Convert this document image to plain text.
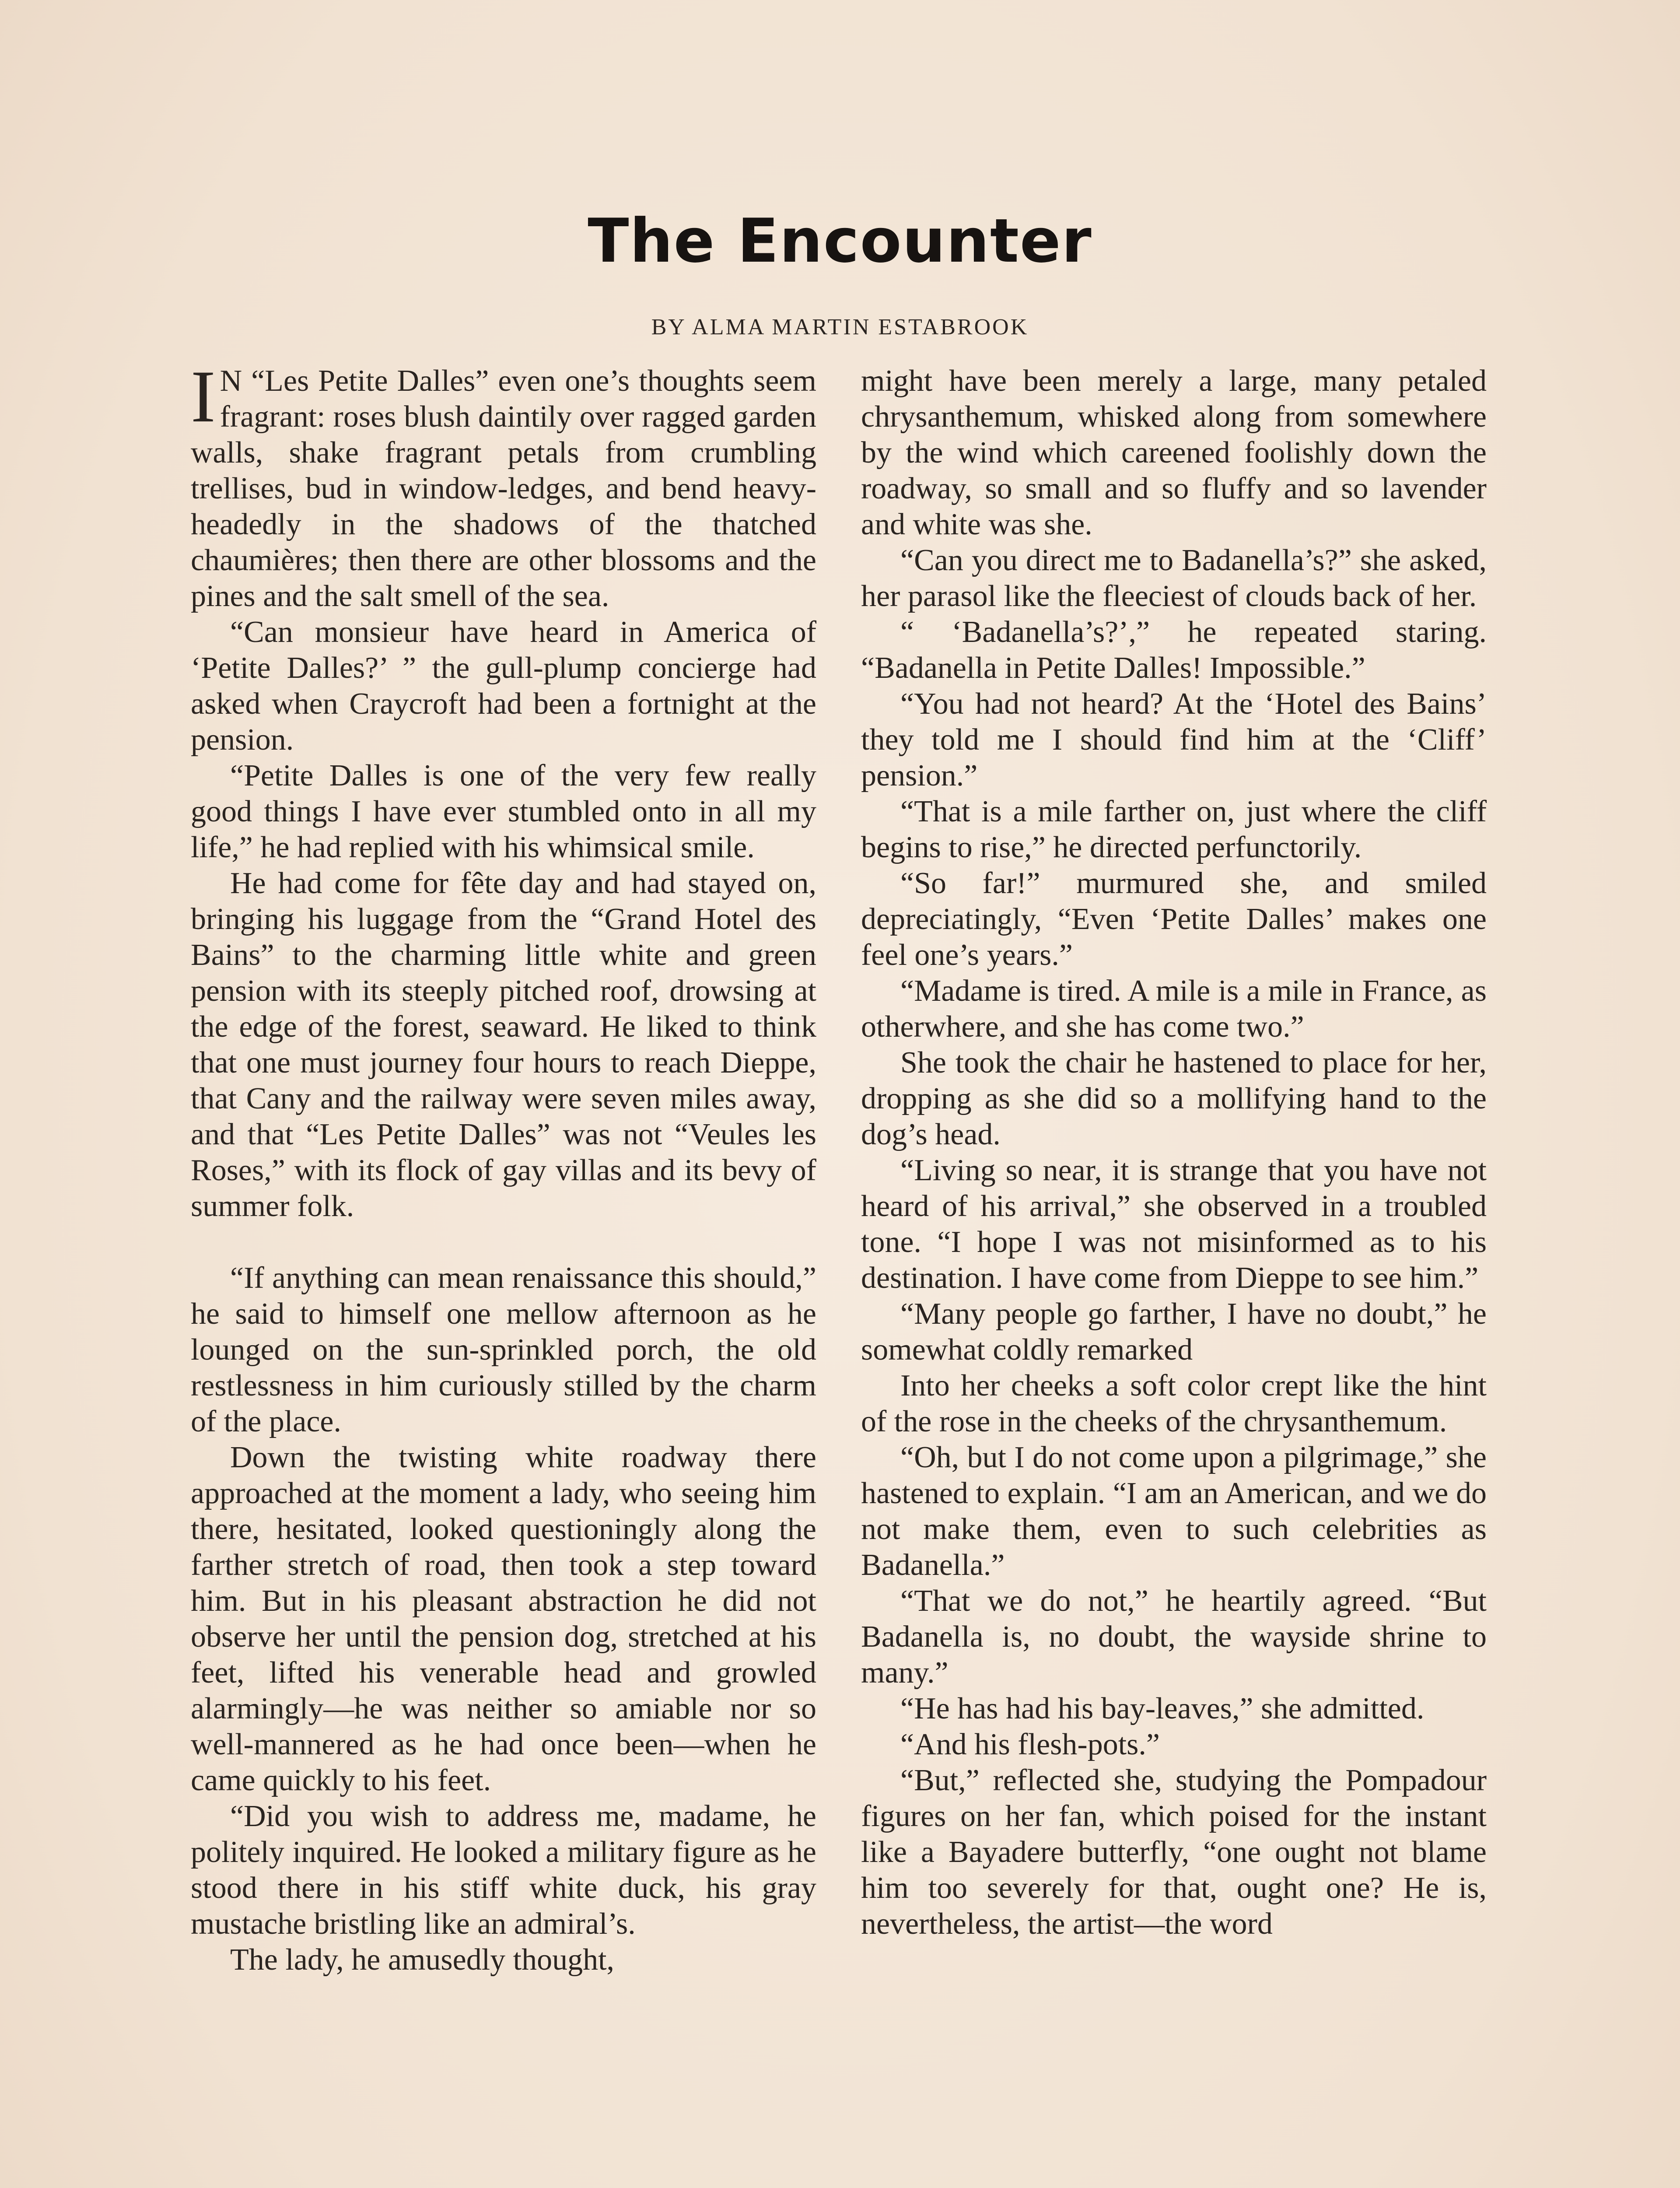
The Encounter
BY ALMA MARTIN ESTABROOK

I N “Les Petite Dalles” even one’s thoughts seem fragrant: roses blush daintily over ragged garden walls, shake fragrant petals from crumbling trellises, bud in window-ledges, and bend heavy-headedly in the shadows of the thatched chaumières; then there are other blossoms and the pines and the salt smell of the sea.

“Can monsieur have heard in America of ‘Petite Dalles?’ ” the gull-plump concierge had asked when Craycroft had been a fortnight at the pension.

“Petite Dalles is one of the very few really good things I have ever stumbled onto in all my life,” he had replied with his whimsical smile.

He had come for fête day and had stayed on, bringing his luggage from the “Grand Hotel des Bains” to the charming little white and green pension with its steeply pitched roof, drowsing at the edge of the forest, seaward. He liked to think that one must journey four hours to reach Dieppe, that Cany and the railway were seven miles away, and that “Les Petite Dalles” was not “Veules les Roses,” with its flock of gay villas and its bevy of summer folk.

“If anything can mean renaissance this should,” he said to himself one mellow afternoon as he lounged on the sun-sprinkled porch, the old restlessness in him curiously stilled by the charm of the place.

Down the twisting white roadway there approached at the moment a lady, who seeing him there, hesitated, looked questioningly along the farther stretch of road, then took a step toward him. But in his pleasant abstraction he did not observe her until the pension dog, stretched at his feet, lifted his venerable head and growled alarmingly—he was neither so amiable nor so well-mannered as he had once been—when he came quickly to his feet.

“Did you wish to address me, madame, he politely inquired. He looked a military figure as he stood there in his stiff white duck, his gray mustache bristling like an admiral’s.

The lady, he amusedly thought,

might have been merely a large, many petaled chrysanthemum, whisked along from somewhere by the wind which careened foolishly down the roadway, so small and so fluffy and so lavender and white was she.

“Can you direct me to Badanella’s?” she asked, her parasol like the fleeciest of clouds back of her.

“ ‘Badanella’s?’,” he repeated staring. “Badanella in Petite Dalles! Impossible.”

“You had not heard? At the ‘Hotel des Bains’ they told me I should find him at the ‘Cliff’ pension.”

“That is a mile farther on, just where the cliff begins to rise,” he directed perfunctorily.

“So far!” murmured she, and smiled depreciatingly, “Even ‘Petite Dalles’ makes one feel one’s years.”

“Madame is tired. A mile is a mile in France, as otherwhere, and she has come two.”

She took the chair he hastened to place for her, dropping as she did so a mollifying hand to the dog’s head.

“Living so near, it is strange that you have not heard of his arrival,” she observed in a troubled tone. “I hope I was not misinformed as to his destination. I have come from Dieppe to see him.”

“Many people go farther, I have no doubt,” he somewhat coldly remarked

Into her cheeks a soft color crept like the hint of the rose in the cheeks of the chrysanthemum.

“Oh, but I do not come upon a pilgrimage,” she hastened to explain. “I am an American, and we do not make them, even to such celebrities as Badanella.”

“That we do not,” he heartily agreed. “But Badanella is, no doubt, the wayside shrine to many.”

“He has had his bay-leaves,” she admitted.

“And his flesh-pots.”

“But,” reflected she, studying the Pompadour figures on her fan, which poised for the instant like a Bayadere butterfly, “one ought not blame him too severely for that, ought one? He is, nevertheless, the artist—the word
